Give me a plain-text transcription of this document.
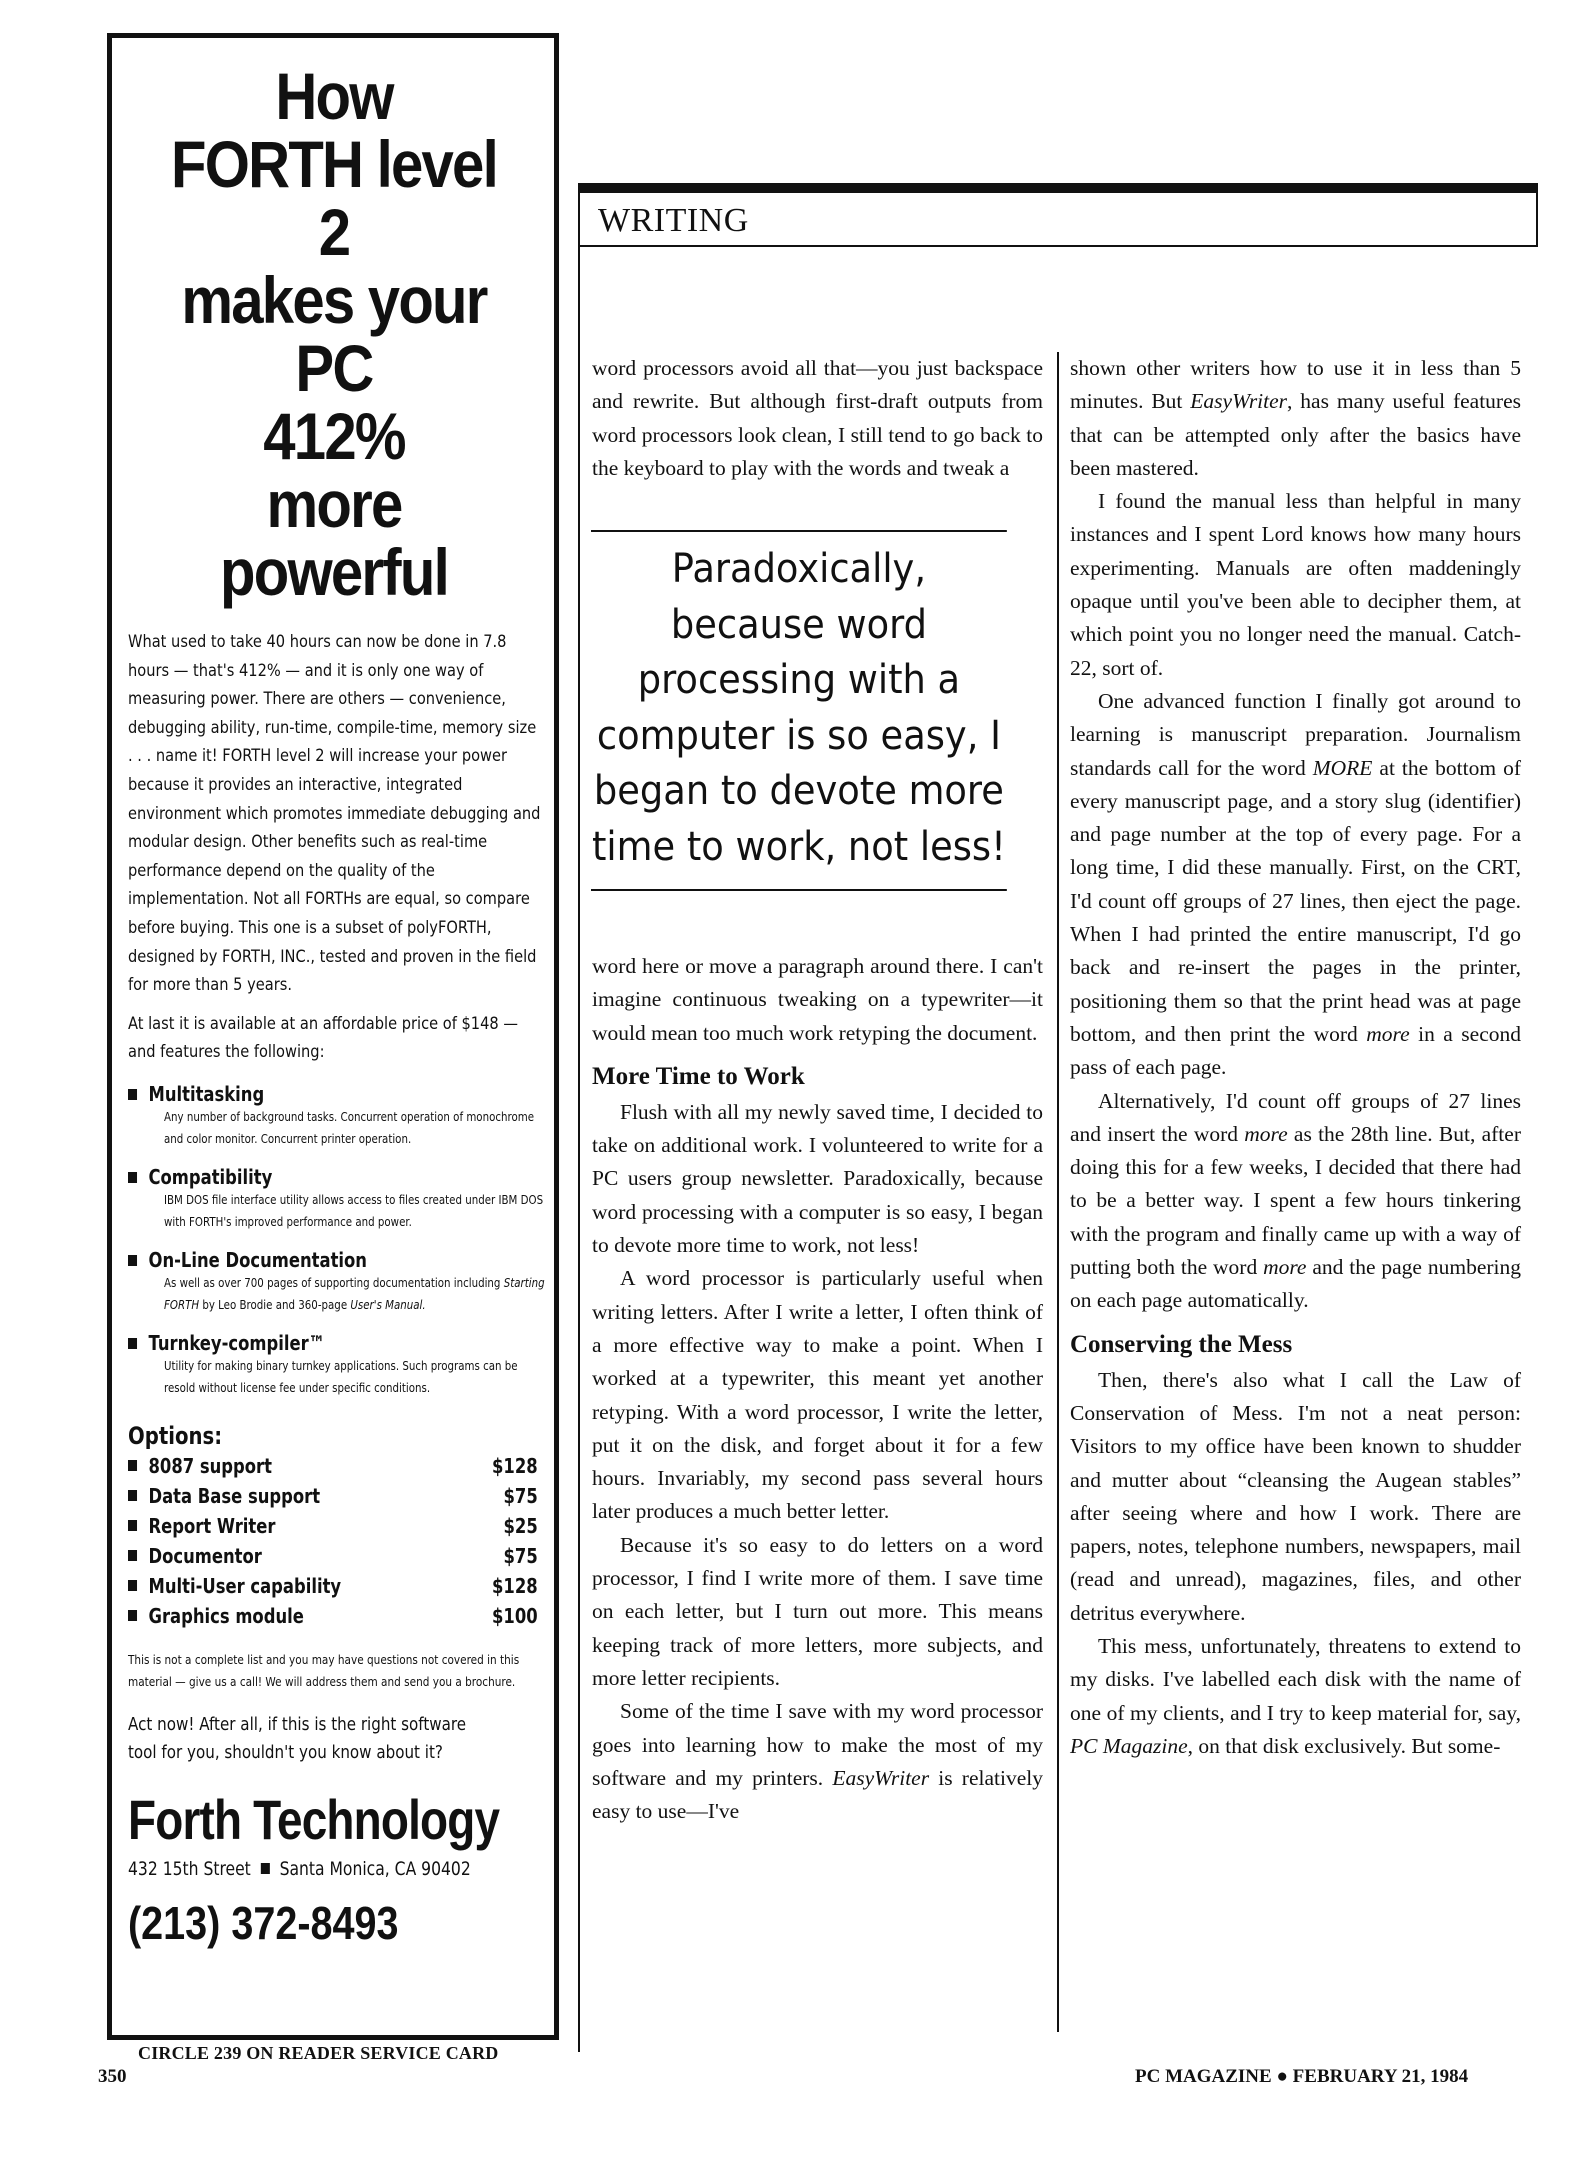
How
FORTH level 2
makes your PC
412%
more powerful

What used to take 40 hours can now be done in 7.8 hours — that's 412% — and it is only one way of measuring power. There are others — convenience, debugging ability, run-time, compile-time, memory size . . . name it! FORTH level 2 will increase your power because it provides an interactive, integrated environment which promotes immediate debugging and modular design. Other benefits such as real-time performance depend on the quality of the implementation. Not all FORTHs are equal, so compare before buying. This one is a subset of polyFORTH, designed by FORTH, INC., tested and proven in the field for more than 5 years.

At last it is available at an affordable price of $148 — and features the following:

Multitasking
Any number of background tasks. Concurrent operation of monochrome and color monitor. Concurrent printer operation.
Compatibility
IBM DOS file interface utility allows access to files created under IBM DOS with FORTH's improved performance and power.
On-Line Documentation
As well as over 700 pages of supporting documentation including Starting FORTH by Leo Brodie and 360-page User's Manual.
Turnkey-compiler™
Utility for making binary turnkey applications. Such programs can be resold without license fee under specific conditions.
Options:
8087 support	$128
Data Base support	$75
Report Writer	$25
Documentor	$75
Multi-User capability	$128
Graphics module	$100
This is not a complete list and you may have questions not covered in this material — give us a call! We will address them and send you a brochure.
Act now! After all, if this is the right software tool for you, shouldn't you know about it?
Forth Technology
432 15th Street Santa Monica, CA 90402
(213) 372-8493
CIRCLE 239 ON READER SERVICE CARD
350	PC MAGAZINE ● FEBRUARY 21, 1984
WRITING

word processors avoid all that—you just backspace and rewrite. But although first-draft outputs from word processors look clean, I still tend to go back to the keyboard to play with the words and tweak a

Paradoxically, because word processing with a computer is so easy, I began to devote more time to work, not less!

word here or move a paragraph around there. I can't imagine continuous tweaking on a typewriter—it would mean too much work retyping the document.

More Time to Work

Flush with all my newly saved time, I decided to take on additional work. I volunteered to write for a PC users group newsletter. Paradoxically, because word processing with a computer is so easy, I began to devote more time to work, not less!

A word processor is particularly useful when writing letters. After I write a letter, I often think of a more effective way to make a point. When I worked at a typewriter, this meant yet another retyping. With a word processor, I write the letter, put it on the disk, and forget about it for a few hours. Invariably, my second pass several hours later produces a much better letter.

Because it's so easy to do letters on a word processor, I find I write more of them. I save time on each letter, but I turn out more. This means keeping track of more letters, more subjects, and more letter recipients.

Some of the time I save with my word processor goes into learning how to make the most of my software and my printers. EasyWriter is relatively easy to use—I've

shown other writers how to use it in less than 5 minutes. But EasyWriter, has many useful features that can be attempted only after the basics have been mastered.

I found the manual less than helpful in many instances and I spent Lord knows how many hours experimenting. Manuals are often maddeningly opaque until you've been able to decipher them, at which point you no longer need the manual. Catch-22, sort of.

One advanced function I finally got around to learning is manuscript preparation. Journalism standards call for the word MORE at the bottom of every manuscript page, and a story slug (identifier) and page number at the top of every page. For a long time, I did these manually. First, on the CRT, I'd count off groups of 27 lines, then eject the page. When I had printed the entire manuscript, I'd go back and re-insert the pages in the printer, positioning them so that the print head was at page bottom, and then print the word more in a second pass of each page.

Alternatively, I'd count off groups of 27 lines and insert the word more as the 28th line. But, after doing this for a few weeks, I decided that there had to be a better way. I spent a few hours tinkering with the program and finally came up with a way of putting both the word more and the page numbering on each page automatically.

Conserving the Mess

Then, there's also what I call the Law of Conservation of Mess. I'm not a neat person: Visitors to my office have been known to shudder and mutter about “cleansing the Augean stables” after seeing where and how I work. There are papers, notes, telephone numbers, newspapers, mail (read and unread), magazines, files, and other detritus everywhere.

This mess, unfortunately, threatens to extend to my disks. I've labelled each disk with the name of one of my clients, and I try to keep material for, say, PC Magazine, on that disk exclusively. But some-
